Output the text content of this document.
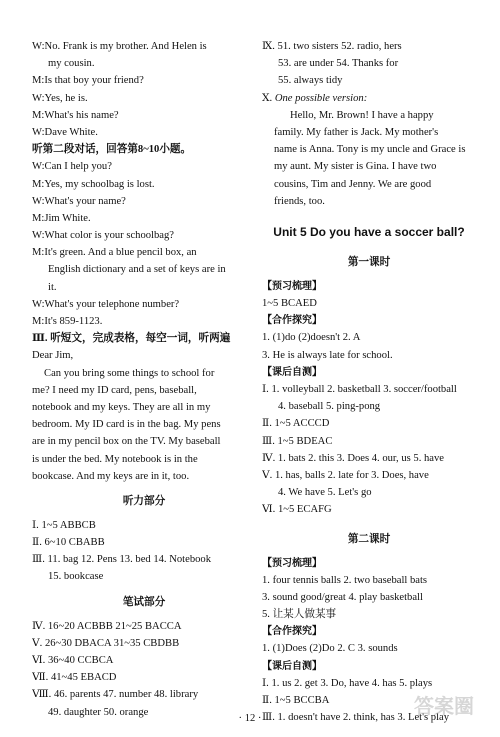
W:No. Frank is my brother. And Helen is
my cousin.
M:Is that boy your friend?
W:Yes, he is.
M:What's his name?
W:Dave White.
听第二段对话，回答第8~10小题。
W:Can I help you?
M:Yes, my schoolbag is lost.
W:What's your name?
M:Jim White.
W:What color is your schoolbag?
M:It's green. And a blue pencil box, an
English dictionary and a set of keys are in
it.
W:What's your telephone number?
M:It's 859-1123.
Ⅲ. 听短文，完成表格，每空一词，听两遍
Dear Jim,
Can you bring some things to school for
me? I need my ID card, pens, baseball,
notebook and my keys. They are all in my
bedroom. My ID card is in the bag. My pens
are in my pencil box on the TV. My baseball
is under the bed. My notebook is in the
bookcase. And my keys are in it, too.
听力部分
Ⅰ. 1~5 ABBCB
Ⅱ. 6~10 CBABB
Ⅲ. 11. bag 12. Pens 13. bed 14. Notebook
15. bookcase
笔试部分
Ⅳ. 16~20 ACBBB 21~25 BACCA
Ⅴ. 26~30 DBACA 31~35 CBDBB
Ⅵ. 36~40 CCBCA
Ⅶ. 41~45 EBACD
Ⅷ. 46. parents 47. number 48. library
49. daughter 50. orange
Ⅸ. 51. two sisters 52. radio, hers
53. are under 54. Thanks for
55. always tidy
Ⅹ. One possible version:
Hello, Mr. Brown! I have a happy
family. My father is Jack. My mother's
name is Anna. Tony is my uncle and Grace is
my aunt. My sister is Gina. I have two
cousins, Tim and Jenny. We are good
friends, too.
Unit 5 Do you have a soccer ball?
第一课时
【预习梳理】
1~5 BCAED
【合作探究】
1. (1)do (2)doesn't 2. A
3. He is always late for school.
【课后自测】
Ⅰ. 1. volleyball 2. basketball 3. soccer/football
4. baseball 5. ping-pong
Ⅱ. 1~5 ACCCD
Ⅲ. 1~5 BDEAC
Ⅳ. 1. bats 2. this 3. Does 4. our, us 5. have
Ⅴ. 1. has, balls 2. late for 3. Does, have
4. We have 5. Let's go
Ⅵ. 1~5 ECAFG
第二课时
【预习梳理】
1. four tennis balls 2. two baseball bats
3. sound good/great 4. play basketball
5. 让某人做某事
【合作探究】
1. (1)Does (2)Do 2. C 3. sounds
【课后自测】
Ⅰ. 1. us 2. get 3. Do, have 4. has 5. plays
Ⅱ. 1~5 BCCBA
Ⅲ. 1. doesn't have 2. think, has 3. Let's play
· 12 ·
答案圈
